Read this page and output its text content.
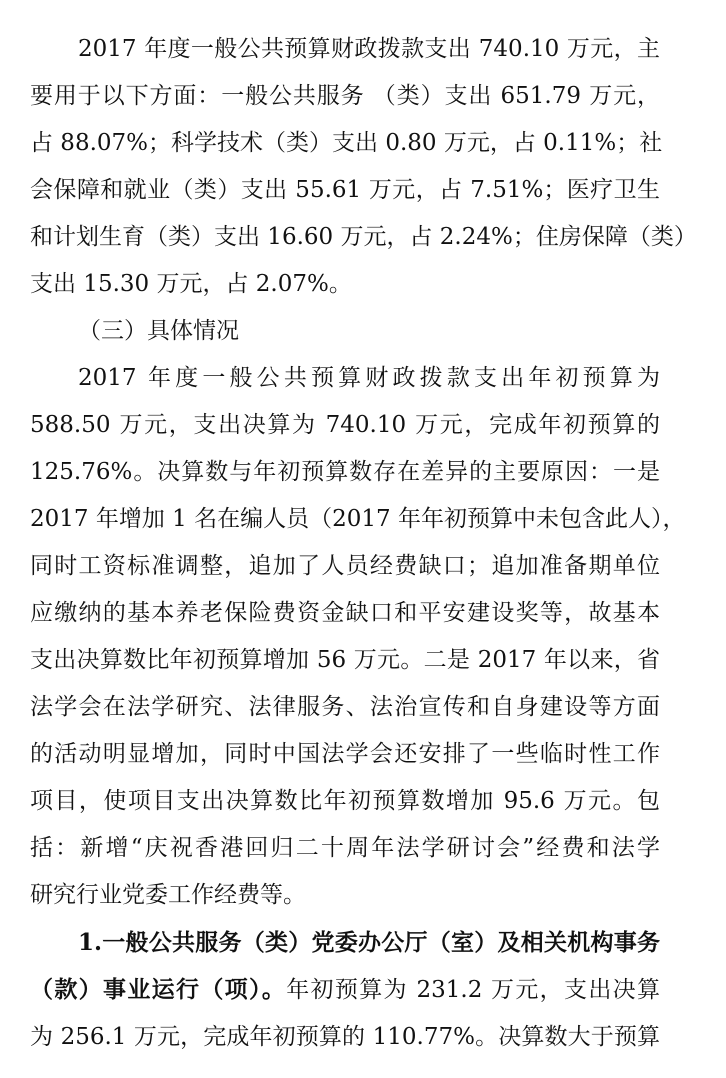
2017 年度一般公共预算财政拨款支出 740.10 万元，主
要用于以下方面：一般公共服务 （类）支出 651.79 万元，
占 88.07%；科学技术（类）支出 0.80 万元，占 0.11%；社
会保障和就业（类）支出 55.61 万元，占 7.51%；医疗卫生
和计划生育（类）支出 16.60 万元，占 2.24%；住房保障（类）
支出 15.30 万元，占 2.07%。
（三）具体情况
2017 年度一般公共预算财政拨款支出年初预算为
588.50 万元，支出决算为 740.10 万元，完成年初预算的
125.76%。决算数与年初预算数存在差异的主要原因：一是
2017 年增加 1 名在编人员（2017 年年初预算中未包含此人），
同时工资标准调整，追加了人员经费缺口；追加准备期单位
应缴纳的基本养老保险费资金缺口和平安建设奖等，故基本
支出决算数比年初预算增加 56 万元。二是 2017 年以来，省
法学会在法学研究、法律服务、法治宣传和自身建设等方面
的活动明显增加，同时中国法学会还安排了一些临时性工作
项目，使项目支出决算数比年初预算数增加 95.6 万元。包
括：新增“庆祝香港回归二十周年法学研讨会”经费和法学
研究行业党委工作经费等。
1.一般公共服务（类）党委办公厅（室）及相关机构事务
（款）事业运行（项）。年初预算为 231.2 万元，支出决算
为 256.1 万元，完成年初预算的 110.77%。决算数大于预算
